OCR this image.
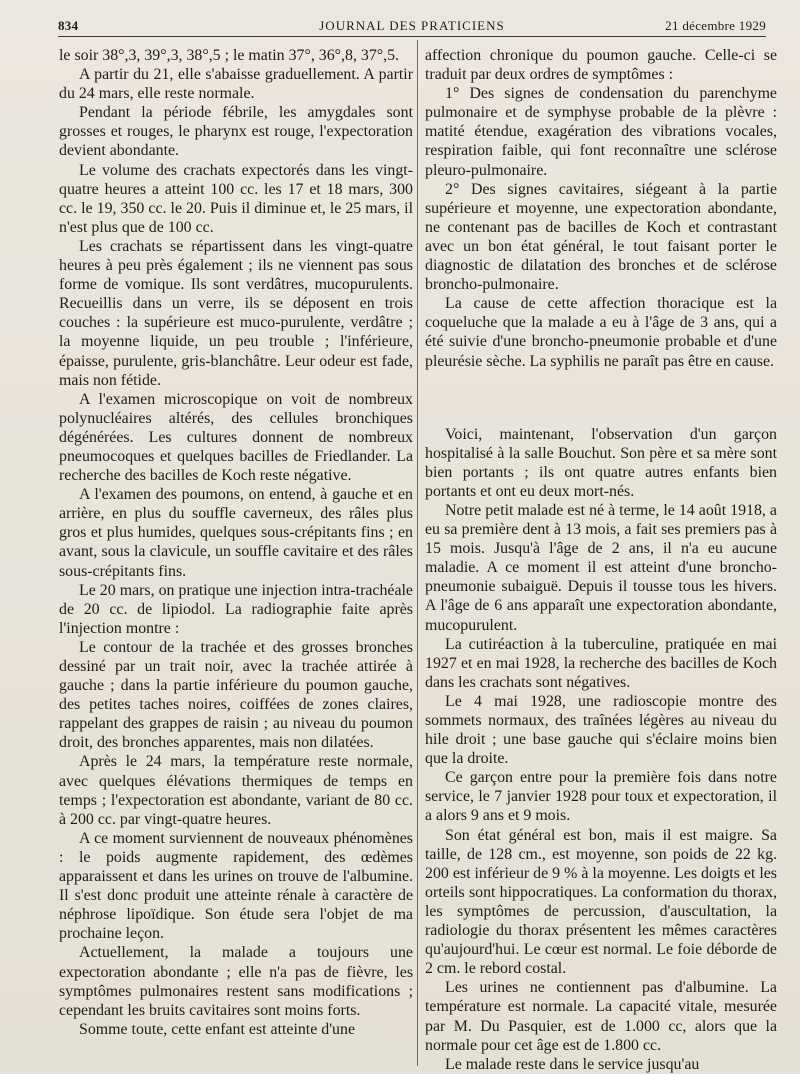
834	JOURNAL DES PRATICIENS	21 décembre 1929

le soir 38°,3, 39°,3, 38°,5 ; le matin 37°, 36°,8, 37°,5.

A partir du 21, elle s'abaisse graduellement. A partir du 24 mars, elle reste normale.

Pendant la période fébrile, les amygdales sont grosses et rouges, le pharynx est rouge, l'expectoration devient abondante.

Le volume des crachats expectorés dans les vingt-quatre heures a atteint 100 cc. les 17 et 18 mars, 300 cc. le 19, 350 cc. le 20. Puis il diminue et, le 25 mars, il n'est plus que de 100 cc.

Les crachats se répartissent dans les vingt-quatre heures à peu près également ; ils ne viennent pas sous forme de vomique. Ils sont verdâtres, mucopurulents. Recueillis dans un verre, ils se déposent en trois couches : la supérieure est muco-purulente, verdâtre ; la moyenne liquide, un peu trouble ; l'inférieure, épaisse, purulente, gris-blanchâtre. Leur odeur est fade, mais non fétide.

A l'examen microscopique on voit de nombreux polynucléaires altérés, des cellules bronchiques dégénérées. Les cultures donnent de nombreux pneumocoques et quelques bacilles de Friedlander. La recherche des bacilles de Koch reste négative.

A l'examen des poumons, on entend, à gauche et en arrière, en plus du souffle caverneux, des râles plus gros et plus humides, quelques sous-crépitants fins ; en avant, sous la clavicule, un souffle cavitaire et des râles sous-crépitants fins.

Le 20 mars, on pratique une injection intra-trachéale de 20 cc. de lipiodol. La radiographie faite après l'injection montre :

Le contour de la trachée et des grosses bronches dessiné par un trait noir, avec la trachée attirée à gauche ; dans la partie inférieure du poumon gauche, des petites taches noires, coiffées de zones claires, rappelant des grappes de raisin ; au niveau du poumon droit, des bronches apparentes, mais non dilatées.

Après le 24 mars, la température reste normale, avec quelques élévations thermiques de temps en temps ; l'expectoration est abondante, variant de 80 cc. à 200 cc. par vingt-quatre heures.

A ce moment surviennent de nouveaux phénomènes : le poids augmente rapidement, des œdèmes apparaissent et dans les urines on trouve de l'albumine. Il s'est donc produit une atteinte rénale à caractère de néphrose lipoïdique. Son étude sera l'objet de ma prochaine leçon.

Actuellement, la malade a toujours une expectoration abondante ; elle n'a pas de fièvre, les symptômes pulmonaires restent sans modifications ; cependant les bruits cavitaires sont moins forts.

Somme toute, cette enfant est atteinte d'une

affection chronique du poumon gauche. Celle-ci se traduit par deux ordres de symptômes :

1° Des signes de condensation du parenchyme pulmonaire et de symphyse probable de la plèvre : matité étendue, exagération des vibrations vocales, respiration faible, qui font reconnaître une sclérose pleuro-pulmonaire.

2° Des signes cavitaires, siégeant à la partie supérieure et moyenne, une expectoration abondante, ne contenant pas de bacilles de Koch et contrastant avec un bon état général, le tout faisant porter le diagnostic de dilatation des bronches et de sclérose broncho-pulmonaire.

La cause de cette affection thoracique est la coqueluche que la malade a eu à l'âge de 3 ans, qui a été suivie d'une broncho-pneumonie probable et d'une pleurésie sèche. La syphilis ne paraît pas être en cause.

Voici, maintenant, l'observation d'un garçon hospitalisé à la salle Bouchut. Son père et sa mère sont bien portants ; ils ont quatre autres enfants bien portants et ont eu deux mort-nés.

Notre petit malade est né à terme, le 14 août 1918, a eu sa première dent à 13 mois, a fait ses premiers pas à 15 mois. Jusqu'à l'âge de 2 ans, il n'a eu aucune maladie. A ce moment il est atteint d'une broncho-pneumonie subaiguë. Depuis il tousse tous les hivers. A l'âge de 6 ans apparaît une expectoration abondante, mucopurulent.

La cutiréaction à la tuberculine, pratiquée en mai 1927 et en mai 1928, la recherche des bacilles de Koch dans les crachats sont négatives.

Le 4 mai 1928, une radioscopie montre des sommets normaux, des traînées légères au niveau du hile droit ; une base gauche qui s'éclaire moins bien que la droite.

Ce garçon entre pour la première fois dans notre service, le 7 janvier 1928 pour toux et expectoration, il a alors 9 ans et 9 mois.

Son état général est bon, mais il est maigre. Sa taille, de 128 cm., est moyenne, son poids de 22 kg. 200 est inférieur de 9 % à la moyenne. Les doigts et les orteils sont hippocratiques. La conformation du thorax, les symptômes de percussion, d'auscultation, la radiologie du thorax présentent les mêmes caractères qu'aujourd'hui. Le cœur est normal. Le foie déborde de 2 cm. le rebord costal.

Les urines ne contiennent pas d'albumine. La température est normale. La capacité vitale, mesurée par M. Du Pasquier, est de 1.000 cc, alors que la normale pour cet âge est de 1.800 cc.

Le malade reste dans le service jusqu'au
